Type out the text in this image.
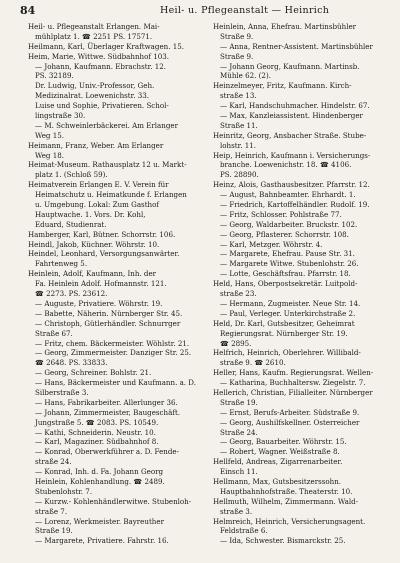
84	Heil- u. Pflegeanstalt — Heinrich
Heil- u. Pflegeanstalt Erlangen. Mai-
mühlplatz 1. ☎ 2251 PS. 17571.
Heilmann, Karl, Überlager Kraftwagen. 15.
Heim, Marie, Wittwe. Südbahnhof 103.
— Johann, Kaufmann. Ebrachstr. 12.
PS. 32189.
Dr. Ludwig, Univ.-Professor, Geh.
Medizinalrat. Loewenichstr. 33.
Luise und Sophie, Privatieren. Schol-
lingstraße 30.
— M. Schweinlerbäckerei. Am Erlanger
Weg 15.
Heimann, Franz, Weber. Am Erlanger
Weg 18.
Heimat-Museum. Rathausplatz 12 u. Markt-
platz 1. (Schloß 59).
Heimatverein Erlangen E. V. Verein für
Heimatschutz u. Heimatkunde f. Erlangen
u. Umgebung. Lokal: Zum Gasthof
Hauptwache. 1. Vors. Dr. Kohl,
Eduard, Studienrat.
Hamberger, Karl, Bütner. Schorrstr. 106.
Heindl, Jakob, Küchner. Wöhrstr. 10.
Heindel, Leonhard, Versorgungsanwärter.
Fahrtenweg 5.
Heinlein, Adolf, Kaufmann, Inh. der
Fa. Heinlein Adolf. Hofmannstr. 121.
☎ 2273. PS. 23612.
— Auguste, Privatiere. Wöhrstr. 19.
— Babette, Näherin. Nürnberger Str. 45.
— Christoph, Gütlerhändler. Schnurrger
Straße 67.
— Fritz, chem. Bäckermeister. Wöhlstr. 21.
— Georg, Zimmermeister. Danziger Str. 25.
☎ 2648. PS. 33833.
— Georg, Schreiner. Bohlstr. 21.
— Hans, Bäckermeister und Kaufmann. a. D.
Silberstraße 3.
— Hans, Fabrikarbeiter. Allerlunger 36.
— Johann, Zimmermeister, Baugeschäft.
Jungstraße 5. ☎ 2083. PS. 10549.
— Kathi, Schneiderin. Neustr. 10.
— Karl, Magaziner. Südbahnhof 8.
— Konrad, Oberwerkführer a. D. Fende-
straße 24.
— Konrad, Inh. d. Fa. Johann Georg
Heinlein, Kohlenhandlung. ☎ 2489.
Stubenlohstr. 7.
— Kurzw.- Kohlenhändlerwitwe. Stubenloh-
straße 7.
— Lorenz, Werkmeister. Bayreuther
Straße 19.
— Margarete, Privatiere. Fahrstr. 16.
Heinlein, Anna, Ehefrau. Martinsbühler
Straße 9.
— Anna, Rentner-Assistent. Martinsbühler
Straße 9.
— Johann Georg, Kaufmann. Martinsb.
Mühle 62. (2).
Heinzelmeyer, Fritz, Kaufmann. Kirch-
straße 13.
— Karl, Handschuhmacher. Hindelstr. 67.
— Max, Kanzleiassistent. Hindenberger
Straße 11.
Heinritz, Georg, Ansbacher Straße. Stube-
lohstr. 11.
Heip, Heinrich, Kaufmann i. Versicherungs-
branche. Loewenichstr. 18. ☎ 4106.
PS. 28890.
Heinz, Alois, Gasthausbesitzer. Pfarrstr. 12.
— August, Bahnbeamter. Ehrhardt. 1.
— Friedrich, Kartoffelhändler. Rudolf. 19.
— Fritz, Schlosser. Pohlstraße 77.
— Georg, Waldarbeiter. Bruckstr. 102.
— Georg, Pflasterer. Schorrstr. 108.
— Karl, Metzger. Wöhrstr. 4.
— Margarete, Ehefrau. Pause Str. 31.
— Margarete Witwe. Stubenlohstr. 26.
— Lotte, Geschäftsfrau. Pfarrstr. 18.
Held, Hans, Oberpostsekretär. Luitpold-
straße 23.
— Hermann, Zugmeister. Neue Str. 14.
— Paul, Verleger. Unterkirchstraße 2.
Held, Dr. Karl, Gutsbesitzer, Geheimrat
Regierungsrat. Nürnberger Str. 19.
☎ 2895.
Helfrich, Heinrich, Oberlehrer. Willibald-
straße 9. ☎ 2610.
Heller, Hans, Kaufm. Regierungsrat. Wellen-
— Katharina, Buchhaltersw. Ziegelstr. 7.
Hellerich, Christian, Filialleiter. Nürnberger
Straße 19.
— Ernst, Berufs-Arbeiter. Südstraße 9.
— Georg, Aushilfskellner. Osterreicher
Straße 24.
— Georg, Bauarbeiter. Wöhrstr. 15.
— Robert, Wagner. Weißstraße 8.
Hellfeld, Andreas, Zigarrenarbeiter.
Einsch 11.
Hellmann, Max, Gutsbesitzerssohn.
Hauptbahnhofstraße. Theaterstr. 10.
Hellmuth, Wilhelm, Zimmermann. Wald-
straße 3.
Helmreich, Heinrich, Versicherungsagent.
Feldstraße 6.
— Ida, Schwester. Bismarckstr. 25.
